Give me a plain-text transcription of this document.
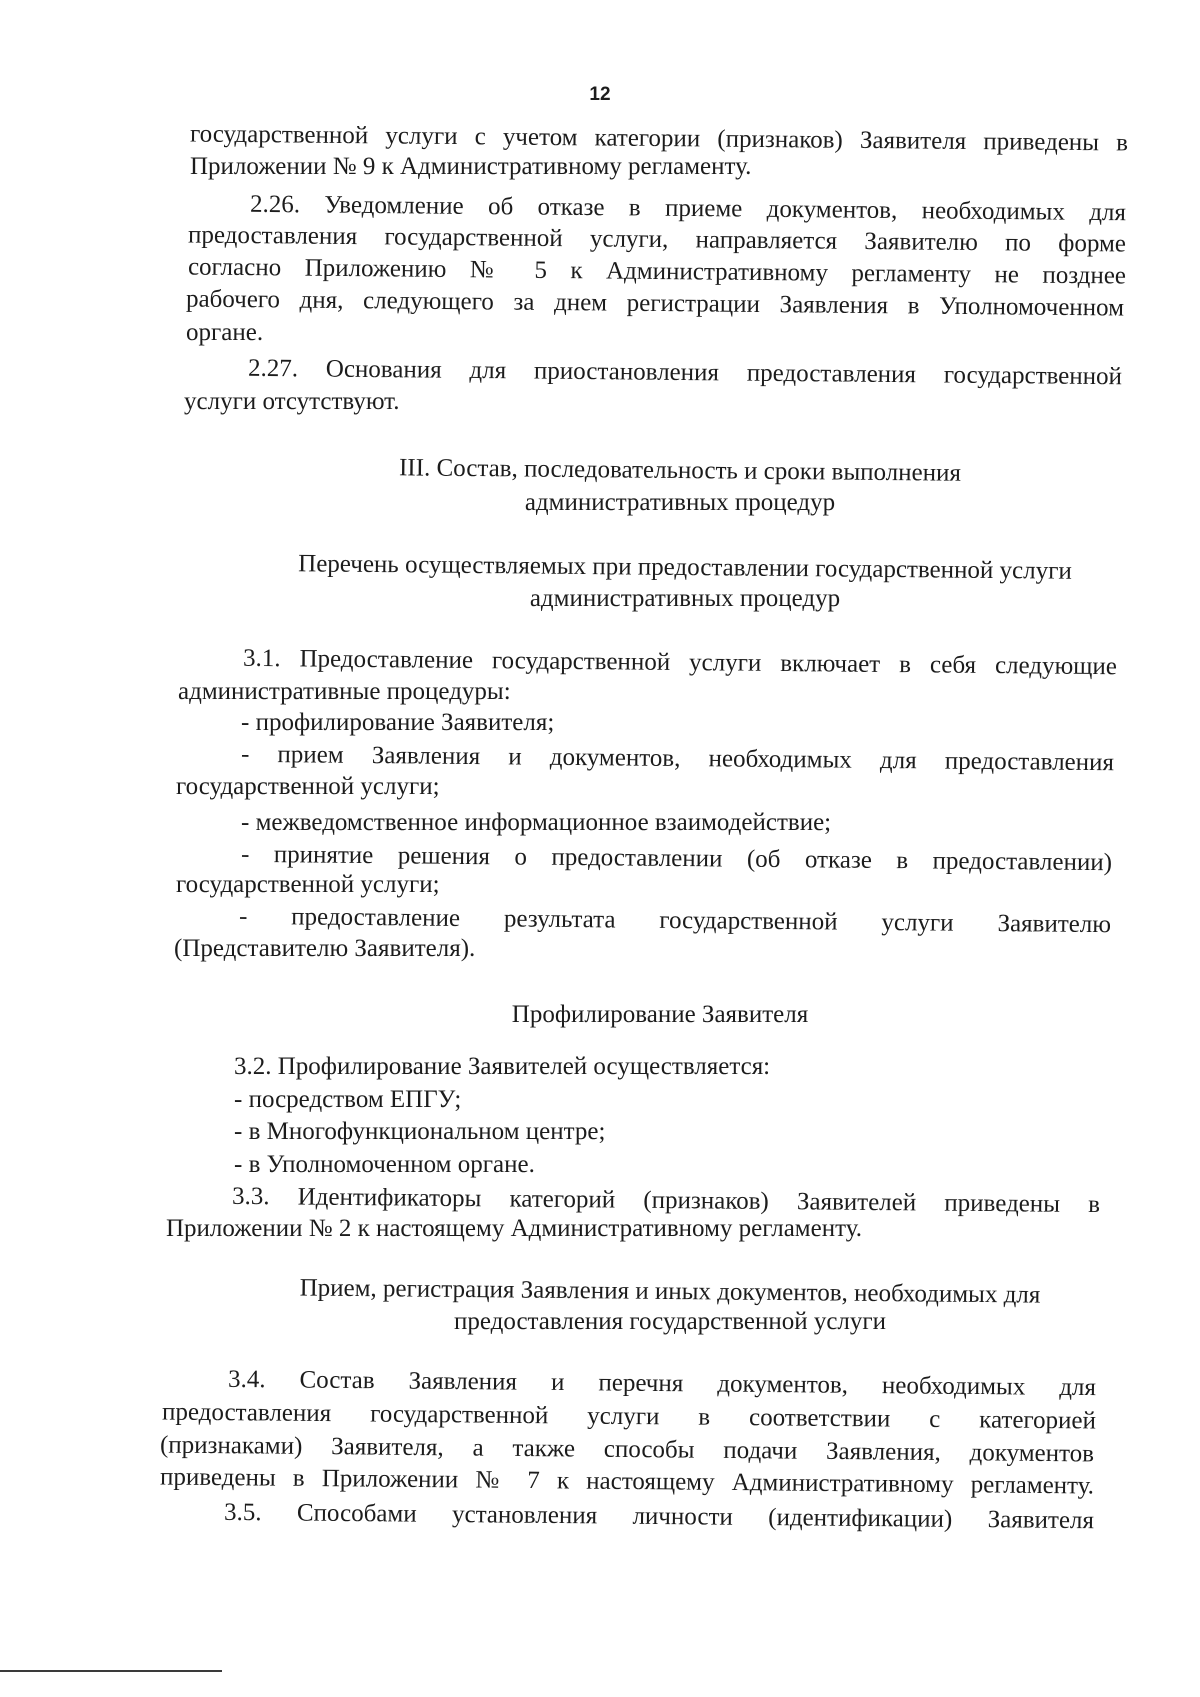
12
государственной услуги с учетом категории (признаков) Заявителя приведены в
Приложении № 9 к Административному регламенту.
2.26. Уведомление об отказе в приеме документов, необходимых для
предоставления государственной услуги, направляется Заявителю по форме
согласно Приложению № 5 к Административному регламенту не позднее
рабочего дня, следующего за днем регистрации Заявления в Уполномоченном
органе.
2.27. Основания для приостановления предоставления государственной
услуги отсутствуют.
III. Состав, последовательность и сроки выполнения
административных процедур
Перечень осуществляемых при предоставлении государственной услуги
административных процедур
3.1. Предоставление государственной услуги включает в себя следующие
административные процедуры:
- профилирование Заявителя;
- прием Заявления и документов, необходимых для предоставления
государственной услуги;
- межведомственное информационное взаимодействие;
- принятие решения о предоставлении (об отказе в предоставлении)
государственной услуги;
- предоставление результата государственной услуги Заявителю
(Представителю Заявителя).
Профилирование Заявителя
3.2. Профилирование Заявителей осуществляется:
- посредством ЕПГУ;
- в Многофункциональном центре;
- в Уполномоченном органе.
3.3. Идентификаторы категорий (признаков) Заявителей приведены в
Приложении № 2 к настоящему Административному регламенту.
Прием, регистрация Заявления и иных документов, необходимых для
предоставления государственной услуги
3.4. Состав Заявления и перечня документов, необходимых для
предоставления государственной услуги в соответствии с категорией
(признаками) Заявителя, а также способы подачи Заявления, документов
приведены в Приложении № 7 к настоящему Административному регламенту.
3.5. Способами установления личности (идентификации) Заявителя
